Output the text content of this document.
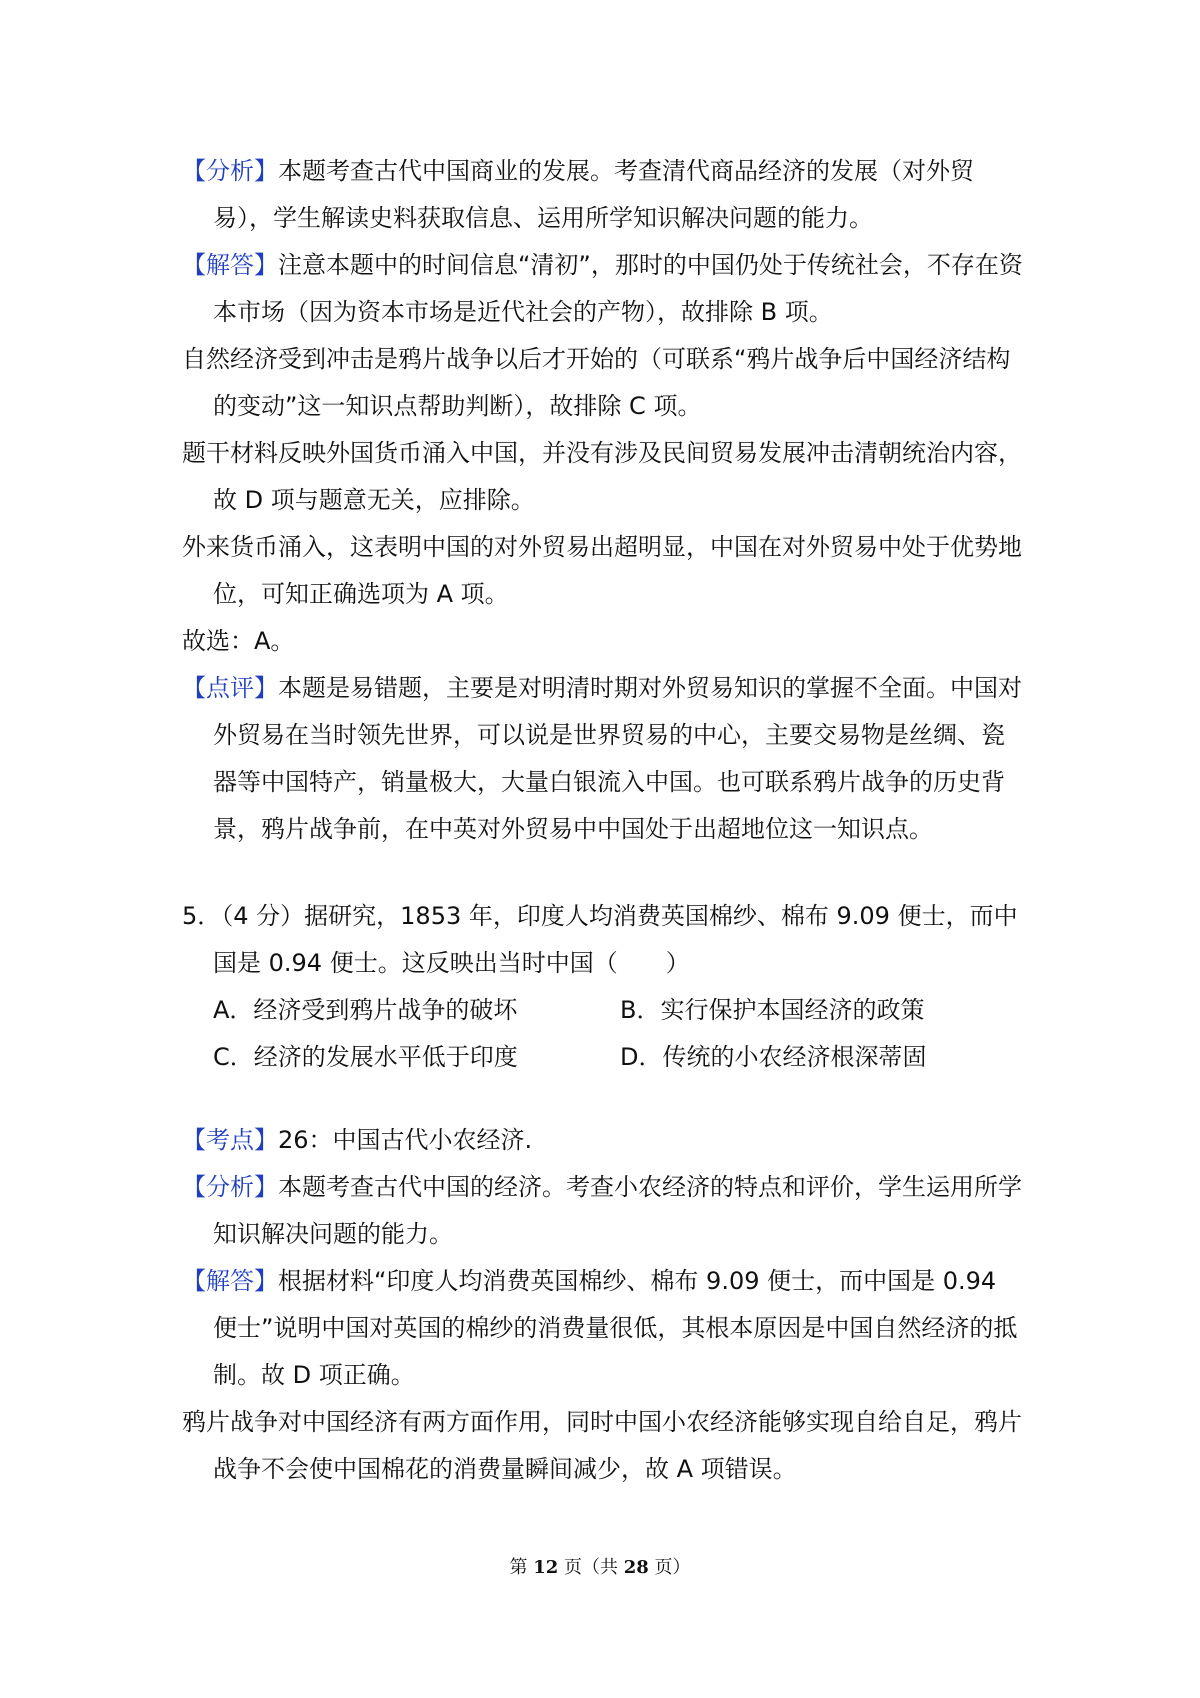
【分析】本题考查古代中国商业的发展。考查清代商品经济的发展（对外贸易），学生解读史料获取信息、运用所学知识解决问题的能力。

【解答】注意本题中的时间信息“清初”，那时的中国仍处于传统社会，不存在资本市场（因为资本市场是近代社会的产物），故排除 B 项。

自然经济受到冲击是鸦片战争以后才开始的（可联系“鸦片战争后中国经济结构的变动”这一知识点帮助判断），故排除 C 项。

题干材料反映外国货币涌入中国，并没有涉及民间贸易发展冲击清朝统治内容，故 D 项与题意无关，应排除。

外来货币涌入，这表明中国的对外贸易出超明显，中国在对外贸易中处于优势地位，可知正确选项为 A 项。

故选：A。

【点评】本题是易错题，主要是对明清时期对外贸易知识的掌握不全面。中国对外贸易在当时领先世界，可以说是世界贸易的中心，主要交易物是丝绸、瓷器等中国特产，销量极大，大量白银流入中国。也可联系鸦片战争的历史背景，鸦片战争前，在中英对外贸易中中国处于出超地位这一知识点。

5．（4 分）据研究，1853 年，印度人均消费英国棉纱、棉布 9.09 便士，而中国是 0.94 便士。这反映出当时中国（　　）

A．经济受到鸦片战争的破坏	B．实行保护本国经济的政策
C．经济的发展水平低于印度	D．传统的小农经济根深蒂固

【考点】26：中国古代小农经济.

【分析】本题考查古代中国的经济。考查小农经济的特点和评价，学生运用所学知识解决问题的能力。

【解答】根据材料“印度人均消费英国棉纱、棉布 9.09 便士，而中国是 0.94 便士”说明中国对英国的棉纱的消费量很低，其根本原因是中国自然经济的抵制。故 D 项正确。

鸦片战争对中国经济有两方面作用，同时中国小农经济能够实现自给自足，鸦片战争不会使中国棉花的消费量瞬间减少，故 A 项错误。

第 12 页（共 28 页）
